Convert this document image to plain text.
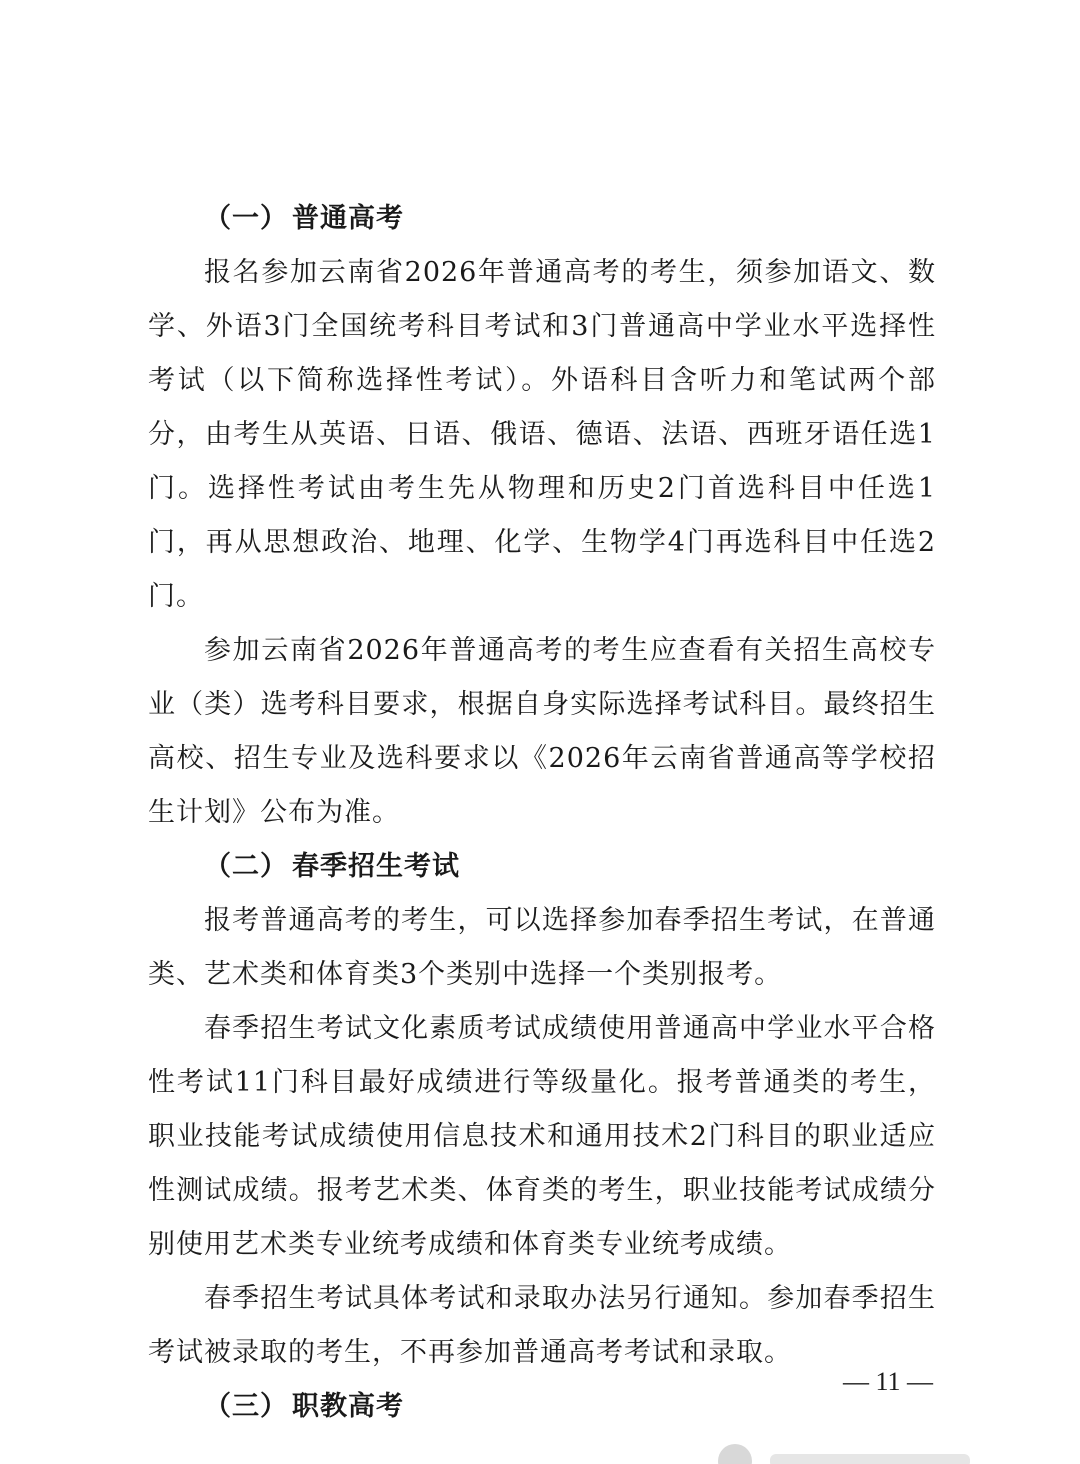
（一） 普通高考

报名参加云南省2026年普通高考的考生，须参加语文、数学、外语3门全国统考科目考试和3门普通高中学业水平选择性考试（以下简称选择性考试）。外语科目含听力和笔试两个部分，由考生从英语、日语、俄语、德语、法语、西班牙语任选1门。选择性考试由考生先从物理和历史2门首选科目中任选1门，再从思想政治、地理、化学、生物学4门再选科目中任选2门。

参加云南省2026年普通高考的考生应查看有关招生高校专业（类）选考科目要求，根据自身实际选择考试科目。最终招生高校、招生专业及选科要求以《2026年云南省普通高等学校招生计划》公布为准。

（二） 春季招生考试

报考普通高考的考生，可以选择参加春季招生考试，在普通类、艺术类和体育类3个类别中选择一个类别报考。

春季招生考试文化素质考试成绩使用普通高中学业水平合格性考试11门科目最好成绩进行等级量化。报考普通类的考生，职业技能考试成绩使用信息技术和通用技术2门科目的职业适应性测试成绩。报考艺术类、体育类的考生，职业技能考试成绩分别使用艺术类专业统考成绩和体育类专业统考成绩。

春季招生考试具体考试和录取办法另行通知。参加春季招生考试被录取的考生，不再参加普通高考考试和录取。

（三） 职教高考
— 11 —
